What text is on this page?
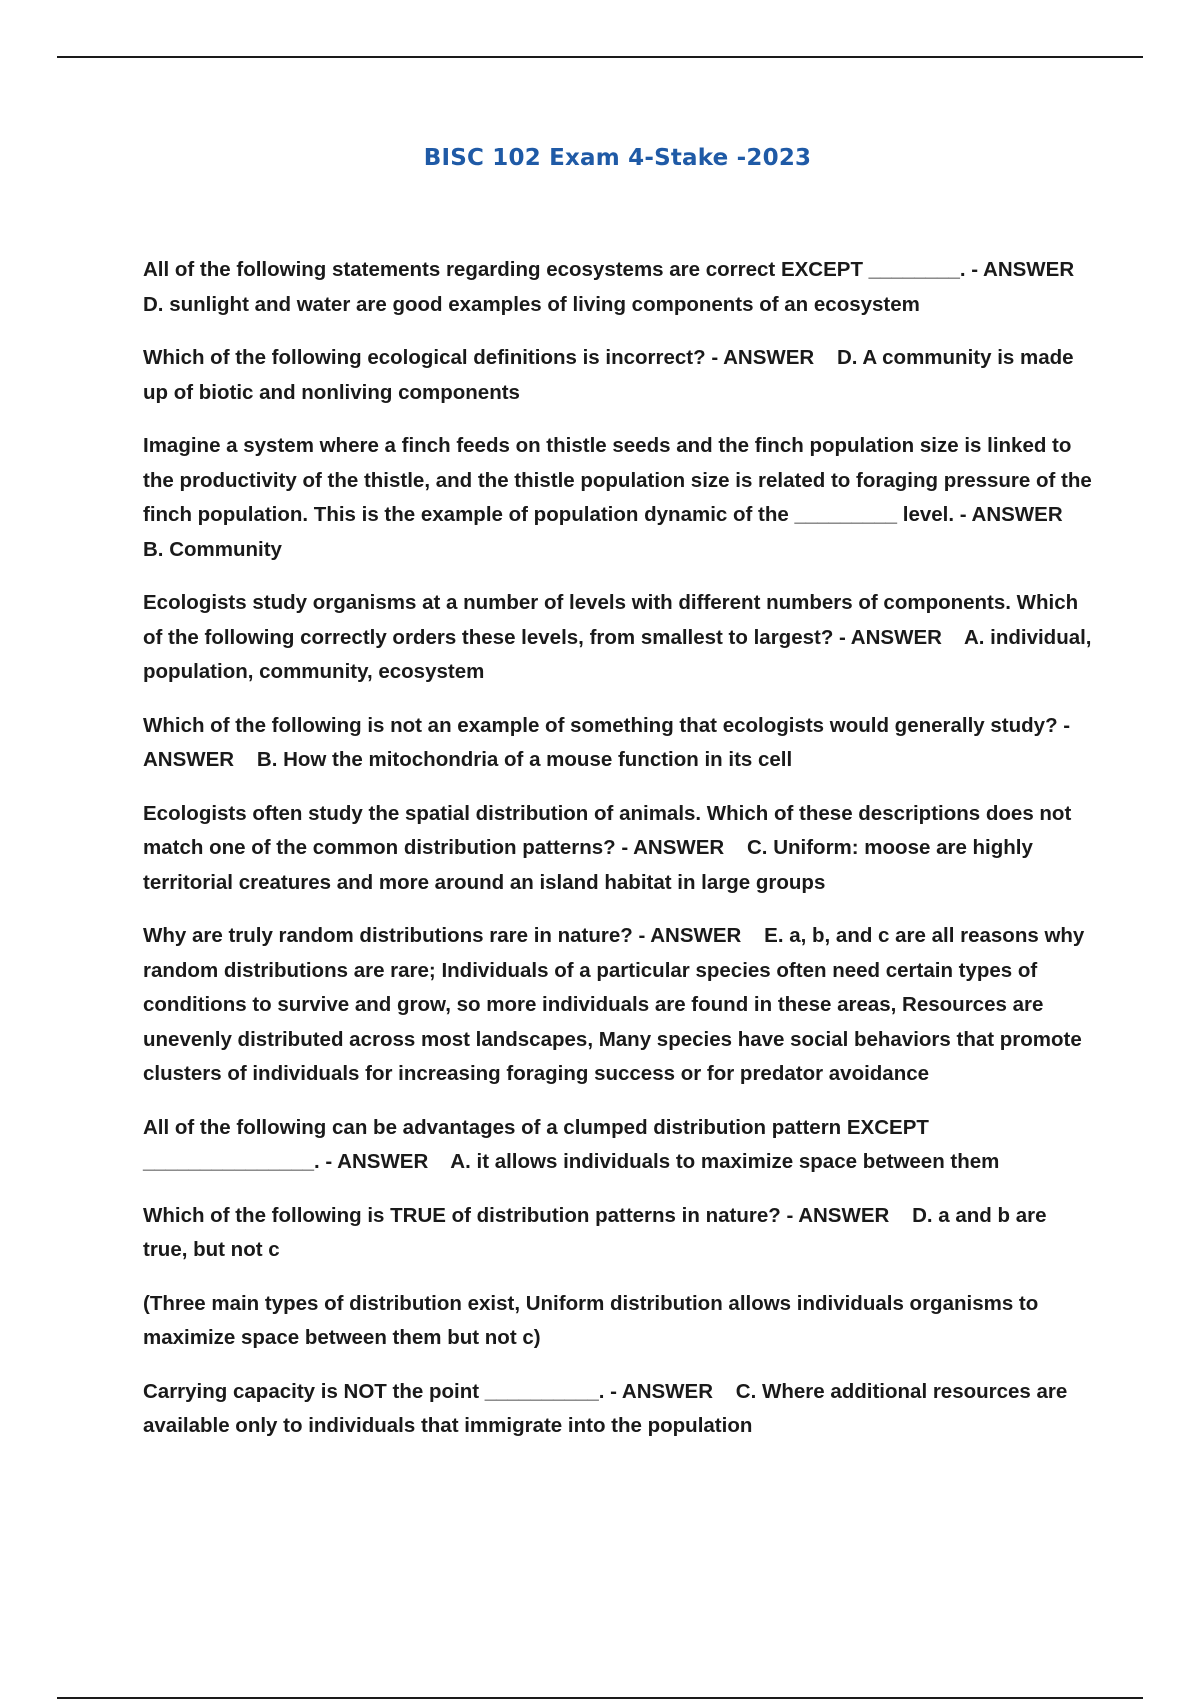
BISC 102 Exam 4-Stake -2023

All of the following statements regarding ecosystems are correct EXCEPT ________. - ANSWER D. sunlight and water are good examples of living components of an ecosystem

Which of the following ecological definitions is incorrect? - ANSWER    D. A community is made up of biotic and nonliving components

Imagine a system where a finch feeds on thistle seeds and the finch population size is linked to the productivity of the thistle, and the thistle population size is related to foraging pressure of the finch population. This is the example of population dynamic of the _________ level. - ANSWER    B. Community

Ecologists study organisms at a number of levels with different numbers of components. Which of the following correctly orders these levels, from smallest to largest? - ANSWER    A. individual, population, community, ecosystem

Which of the following is not an example of something that ecologists would generally study? - ANSWER    B. How the mitochondria of a mouse function in its cell

Ecologists often study the spatial distribution of animals. Which of these descriptions does not match one of the common distribution patterns? - ANSWER    C. Uniform: moose are highly territorial creatures and more around an island habitat in large groups

Why are truly random distributions rare in nature? - ANSWER    E. a, b, and c are all reasons why random distributions are rare; Individuals of a particular species often need certain types of conditions to survive and grow, so more individuals are found in these areas, Resources are unevenly distributed across most landscapes, Many species have social behaviors that promote clusters of individuals for increasing foraging success or for predator avoidance

All of the following can be advantages of a clumped distribution pattern EXCEPT _______________. - ANSWER    A. it allows individuals to maximize space between them

Which of the following is TRUE of distribution patterns in nature? - ANSWER    D. a and b are true, but not c

(Three main types of distribution exist, Uniform distribution allows individuals organisms to maximize space between them but not c)

Carrying capacity is NOT the point __________. - ANSWER    C. Where additional resources are available only to individuals that immigrate into the population
